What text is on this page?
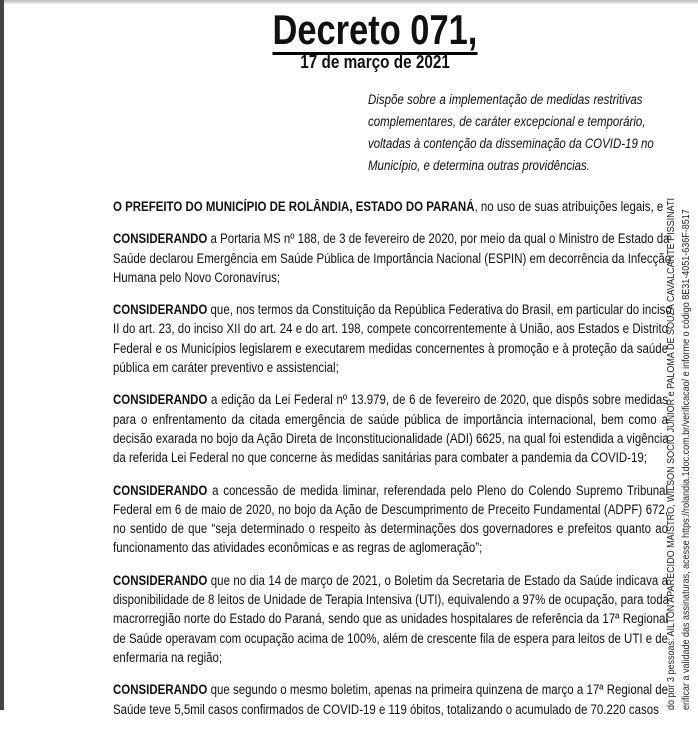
Decreto 071,
17 de março de 2021
Dispõe sobre a implementação de medidas restritivas
complementares, de caráter excepcional e temporário,
voltadas à contenção da disseminação da COVID-19 no
Município, e determina outras providências.
O PREFEITO DO MUNICÍPIO DE ROLÂNDIA, ESTADO DO PARANÁ, no uso de suas atribuições legais, e
CONSIDERANDO a Portaria MS nº 188, de 3 de fevereiro de 2020, por meio da qual o Ministro de Estado da
Saúde declarou Emergência em Saúde Pública de Importância Nacional (ESPIN) em decorrência da Infecção
Humana pelo Novo Coronavírus;
CONSIDERANDO que, nos termos da Constituição da República Federativa do Brasil, em particular do inciso
II do art. 23, do inciso XII do art. 24 e do art. 198, compete concorrentemente à União, aos Estados e Distrito
Federal e os Municípios legislarem e executarem medidas concernentes à promoção e à proteção da saúde
pública em caráter preventivo e assistencial;
CONSIDERANDO a edição da Lei Federal nº 13.979, de 6 de fevereiro de 2020, que dispôs sobre medidas
para o enfrentamento da citada emergência de saúde pública de importância internacional, bem como a
decisão exarada no bojo da Ação Direta de Inconstitucionalidade (ADI) 6625, na qual foi estendida a vigência
da referida Lei Federal no que concerne às medidas sanitárias para combater a pandemia da COVID-19;
CONSIDERANDO a concessão de medida liminar, referendada pelo Pleno do Colendo Supremo Tribunal
Federal em 6 de maio de 2020, no bojo da Ação de Descumprimento de Preceito Fundamental (ADPF) 672,
no sentido de que “seja determinado o respeito às determinações dos governadores e prefeitos quanto ao
funcionamento das atividades econômicas e as regras de aglomeração”;
CONSIDERANDO que no dia 14 de março de 2021, o Boletim da Secretaria de Estado da Saúde indicava a
disponibilidade de 8 leitos de Unidade de Terapia Intensiva (UTI), equivalendo a 97% de ocupação, para toda
macrorregião norte do Estado do Paraná, sendo que as unidades hospitalares de referência da 17ª Regional
de Saúde operavam com ocupação acima de 100%, além de crescente fila de espera para leitos de UTI e de
enfermaria na região;
CONSIDERANDO que segundo o mesmo boletim, apenas na primeira quinzena de março a 17ª Regional de
Saúde teve 5,5mil casos confirmados de COVID-19 e 119 óbitos, totalizando o acumulado de 70.220 casos do por 3 pessoas: AILTON APARECIDO MAISTRO, WILSON SOCIO JUNIOR e PALOMA DE SOUZA CAVALCANTE PISSINATI erificar a validade das assinaturas, acesse https://rolandia.1doc.com.br/verificacao/ e informe o código 8E31-4051-636F-8517
